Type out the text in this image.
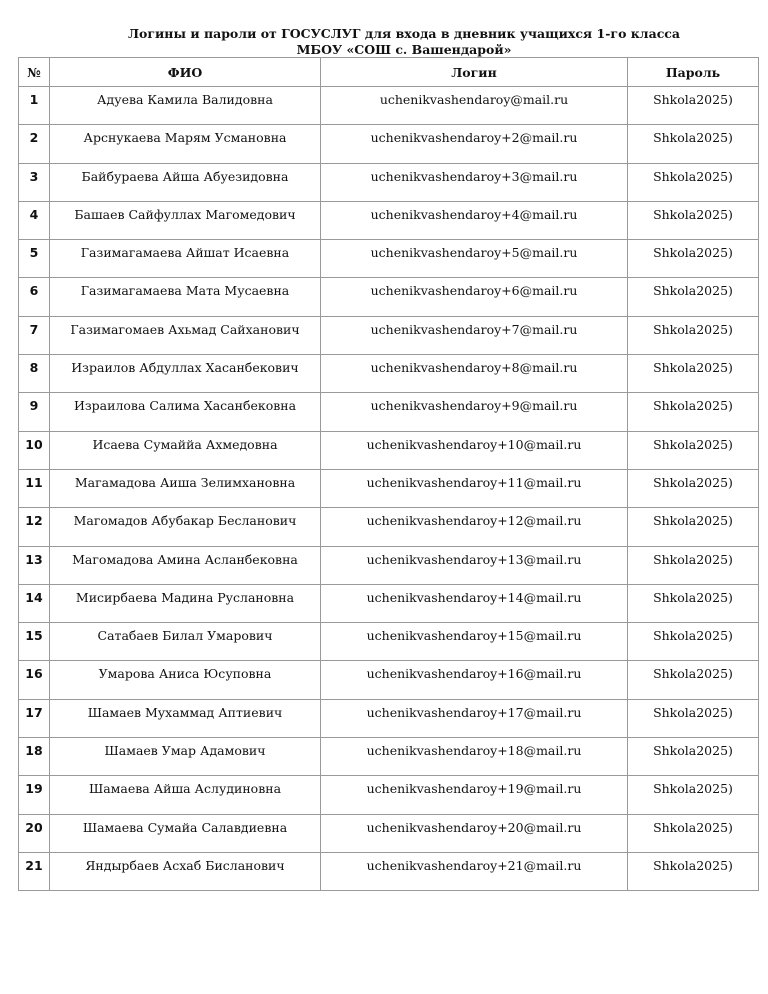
Логины и пароли от ГОСУСЛУГ для входа в дневник учащихся 1-го класса
МБОУ «СОШ с. Вашендарой»
№	ФИО	Логин	Пароль
1	Адуева Камила Валидовна	uchenikvashendaroy@mail.ru	Shkola2025)
2	Арснукаева Марям Усмановна	uchenikvashendaroy+2@mail.ru	Shkola2025)
3	Байбураева Айша Абуезидовна	uchenikvashendaroy+3@mail.ru	Shkola2025)
4	Башаев Сайфуллах Магомедович	uchenikvashendaroy+4@mail.ru	Shkola2025)
5	Газимагамаева Айшат Исаевна	uchenikvashendaroy+5@mail.ru	Shkola2025)
6	Газимагамаева Мата Мусаевна	uchenikvashendaroy+6@mail.ru	Shkola2025)
7	Газимагомаев Ахьмад Сайханович	uchenikvashendaroy+7@mail.ru	Shkola2025)
8	Израилов Абдуллах Хасанбекович	uchenikvashendaroy+8@mail.ru	Shkola2025)
9	Израилова Салима Хасанбековна	uchenikvashendaroy+9@mail.ru	Shkola2025)
10	Исаева Сумаййа Ахмедовна	uchenikvashendaroy+10@mail.ru	Shkola2025)
11	Магамадова Аиша Зелимхановна	uchenikvashendaroy+11@mail.ru	Shkola2025)
12	Магомадов Абубакар Бесланович	uchenikvashendaroy+12@mail.ru	Shkola2025)
13	Магомадова Амина Асланбековна	uchenikvashendaroy+13@mail.ru	Shkola2025)
14	Мисирбаева Мадина Руслановна	uchenikvashendaroy+14@mail.ru	Shkola2025)
15	Сатабаев Билал Умарович	uchenikvashendaroy+15@mail.ru	Shkola2025)
16	Умарова Аниса Юсуповна	uchenikvashendaroy+16@mail.ru	Shkola2025)
17	Шамаев Мухаммад Аптиевич	uchenikvashendaroy+17@mail.ru	Shkola2025)
18	Шамаев Умар Адамович	uchenikvashendaroy+18@mail.ru	Shkola2025)
19	Шамаева Айша Аслудиновна	uchenikvashendaroy+19@mail.ru	Shkola2025)
20	Шамаева Сумайа Салавдиевна	uchenikvashendaroy+20@mail.ru	Shkola2025)
21	Яндырбаев Асхаб Бисланович	uchenikvashendaroy+21@mail.ru	Shkola2025)
